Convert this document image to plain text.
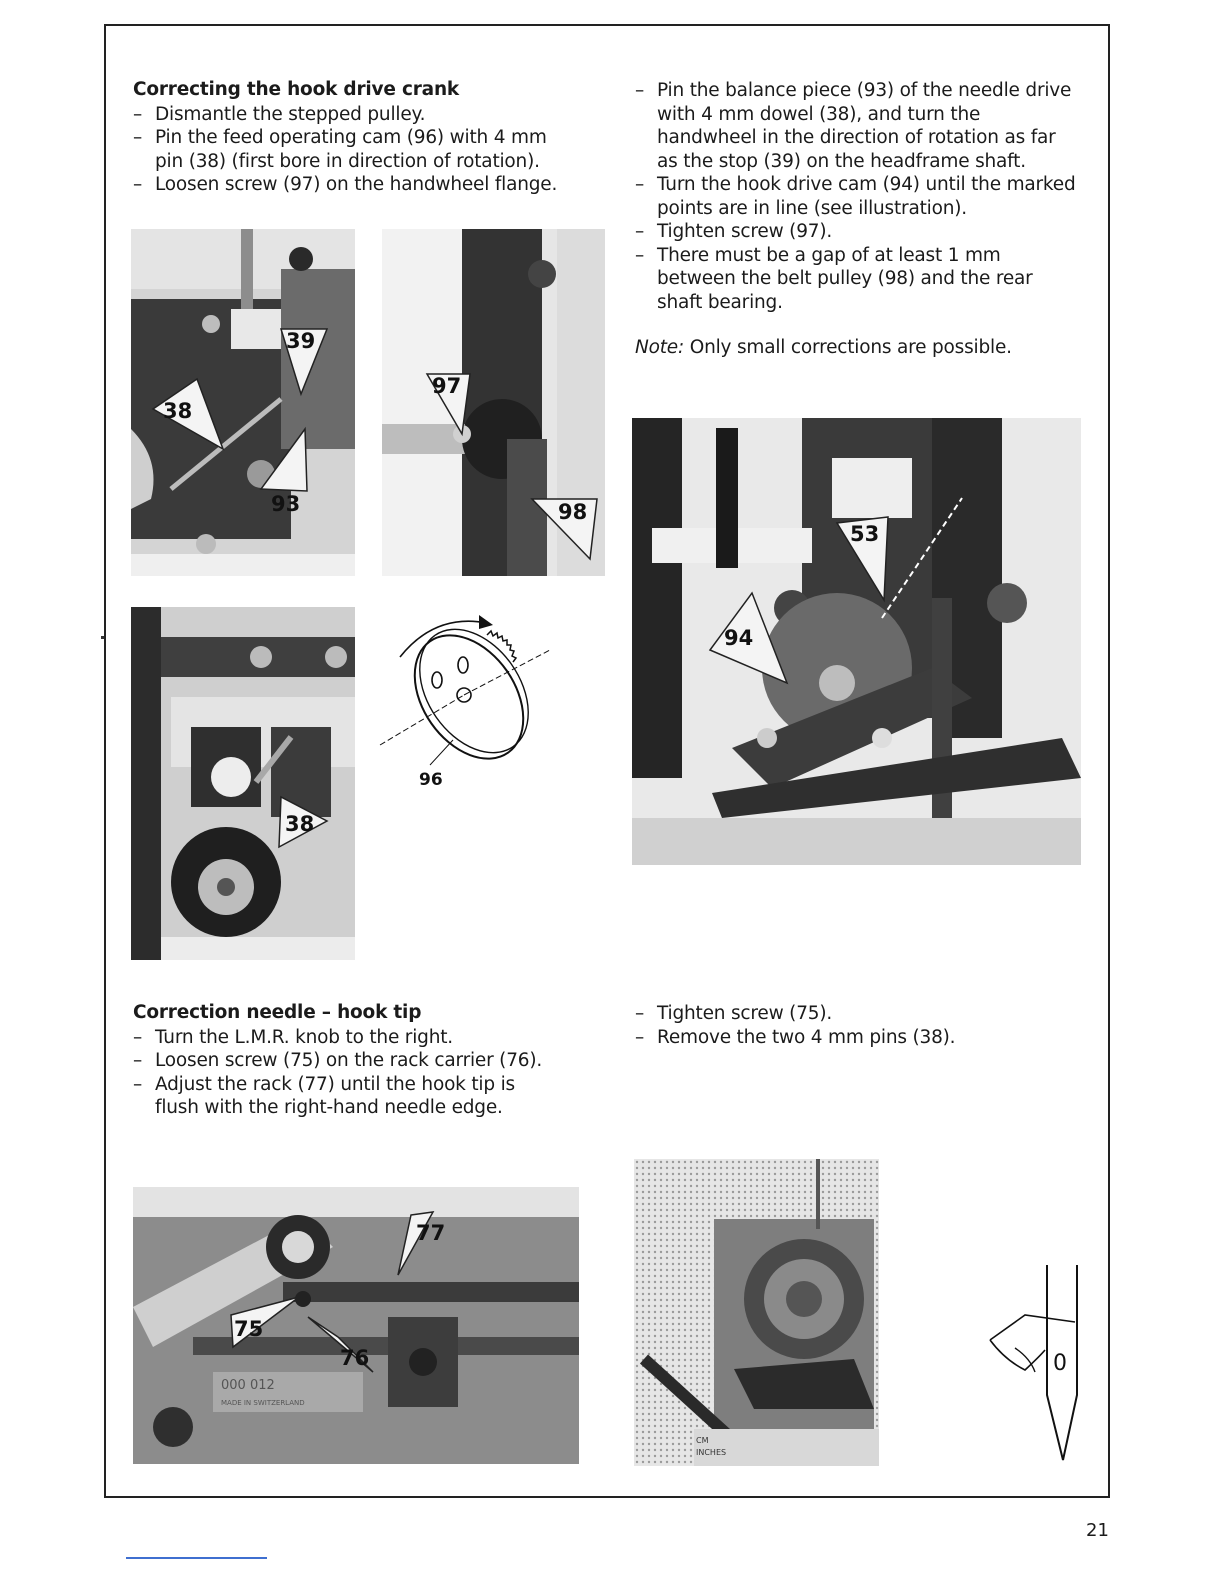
Correcting the hook drive crank
– Dismantle the stepped pulley.
– Pin the feed operating cam (96) with 4 mm pin (38) (first bore in direction of rotation).
– Loosen screw (97) on the handwheel flange.
– Pin the balance piece (93) of the needle drive with 4 mm dowel (38), and turn the handwheel in the direction of rotation as far as the stop (39) on the headframe shaft.
– Turn the hook drive cam (94) until the marked points are in line (see illustration).
– Tighten screw (97).
– There must be a gap of at least 1 mm between the belt pulley (98) and the rear shaft bearing.
Note: Only small corrections are possible.
39
38
93
97
98
38
96
53
94
Correction needle – hook tip
– Turn the L.M.R. knob to the right.
– Loosen screw (75) on the rack carrier (76).
– Adjust the rack (77) until the hook tip is flush with the right-hand needle edge.
– Tighten screw (75).
– Remove the two 4 mm pins (38).
000 012
MADE IN SWITZERLAND
77
75
76
CM
INCHES
0
21
